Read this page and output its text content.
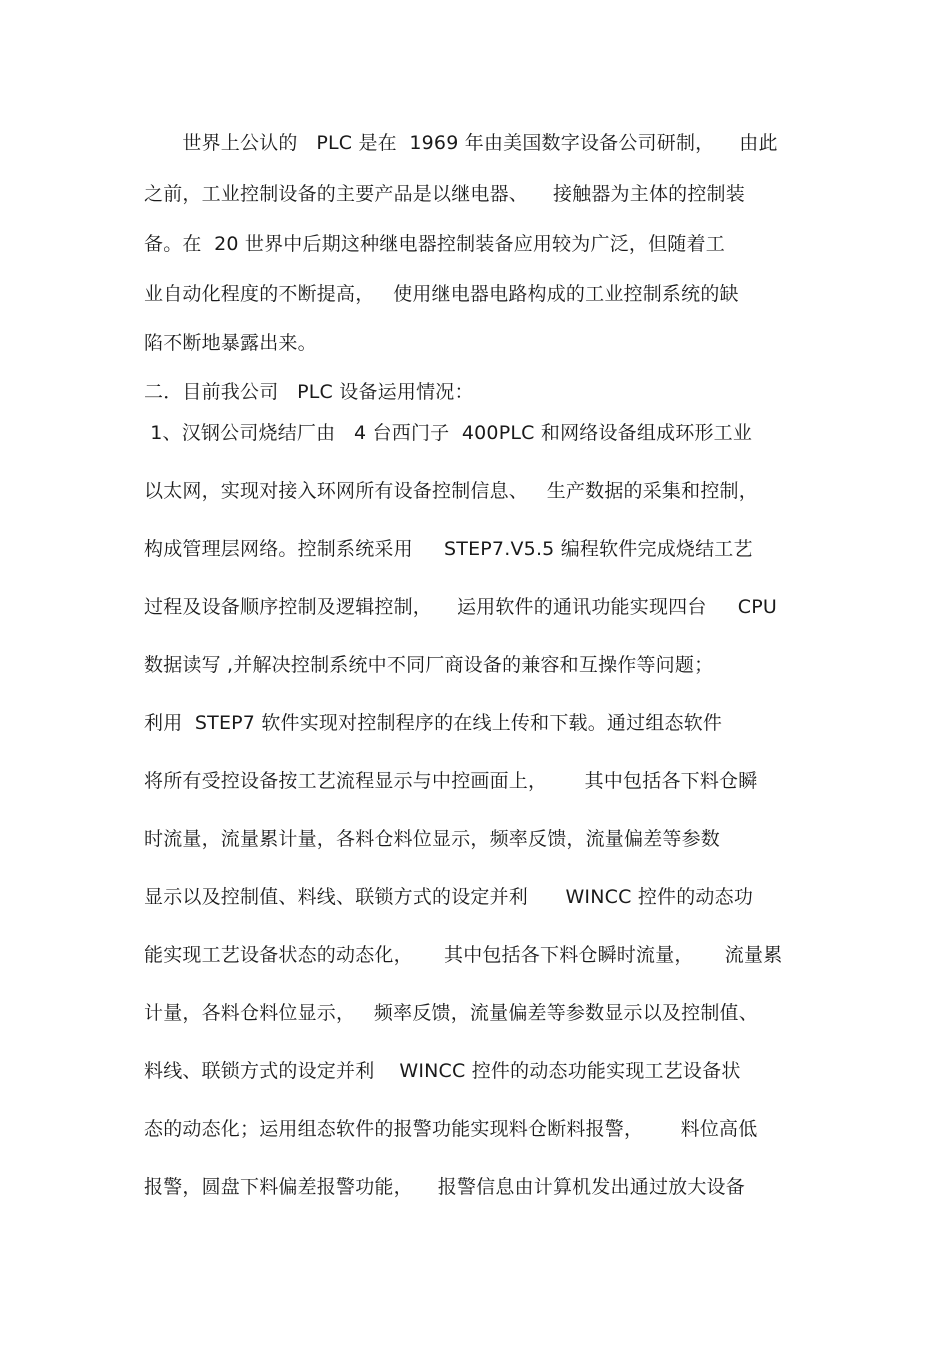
　　世界上公认的   PLC 是在  1969 年由美国数字设备公司研制，    由此
之前，工业控制设备的主要产品是以继电器、    接触器为主体的控制装
备。在  20 世界中后期这种继电器控制装备应用较为广泛，但随着工
业自动化程度的不断提高，   使用继电器电路构成的工业控制系统的缺
陷不断地暴露出来。
二．目前我公司   PLC 设备运用情况：
1、汉钢公司烧结厂由   4 台西门子  400PLC 和网络设备组成环形工业
以太网，实现对接入环网所有设备控制信息、   生产数据的采集和控制，
构成管理层网络。控制系统采用     STEP7.V5.5 编程软件完成烧结工艺
过程及设备顺序控制及逻辑控制，    运用软件的通讯功能实现四台     CPU
数据读写 ,并解决控制系统中不同厂商设备的兼容和互操作等问题；
利用  STEP7 软件实现对控制程序的在线上传和下载。通过组态软件
将所有受控设备按工艺流程显示与中控画面上，      其中包括各下料仓瞬
时流量，流量累计量，各料仓料位显示，频率反馈，流量偏差等参数
显示以及控制值、料线、联锁方式的设定并利      WINCC 控件的动态功
能实现工艺设备状态的动态化，     其中包括各下料仓瞬时流量，     流量累
计量，各料仓料位显示，   频率反馈，流量偏差等参数显示以及控制值、
料线、联锁方式的设定并利    WINCC 控件的动态功能实现工艺设备状
态的动态化；运用组态软件的报警功能实现料仓断料报警，      料位高低
报警，圆盘下料偏差报警功能，    报警信息由计算机发出通过放大设备
